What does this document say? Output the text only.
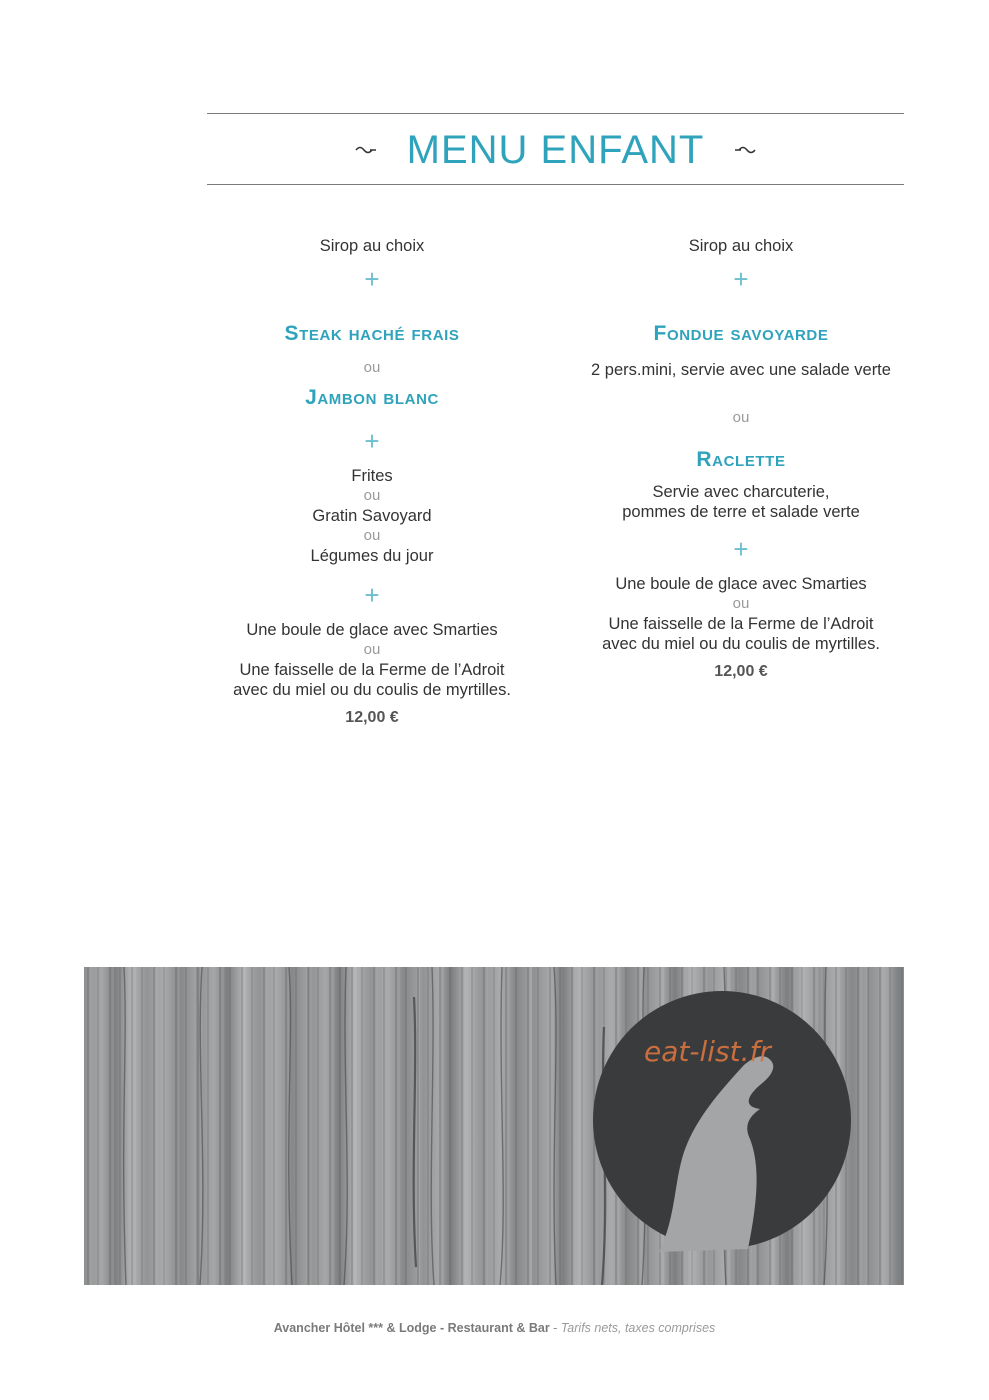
MENU ENFANT
Sirop au choix
+
Steak haché frais
ou
Jambon blanc
+
Frites
ou
Gratin Savoyard
ou
Légumes du jour
+
Une boule de glace avec Smarties
ou
Une faisselle de la Ferme de l’Adroit
avec du miel ou du coulis de myrtilles.
12,00 €
Sirop au choix
+
Fondue savoyarde
2 pers.mini, servie avec une salade verte
ou
Raclette
Servie avec charcuterie,
pommes de terre et salade verte
+
Une boule de glace avec Smarties
ou
Une faisselle de la Ferme de l’Adroit
avec du miel ou du coulis de myrtilles.
12,00 €
eat-list.fr
Avancher Hôtel *** & Lodge - Restaurant & Bar - Tarifs nets, taxes comprises
